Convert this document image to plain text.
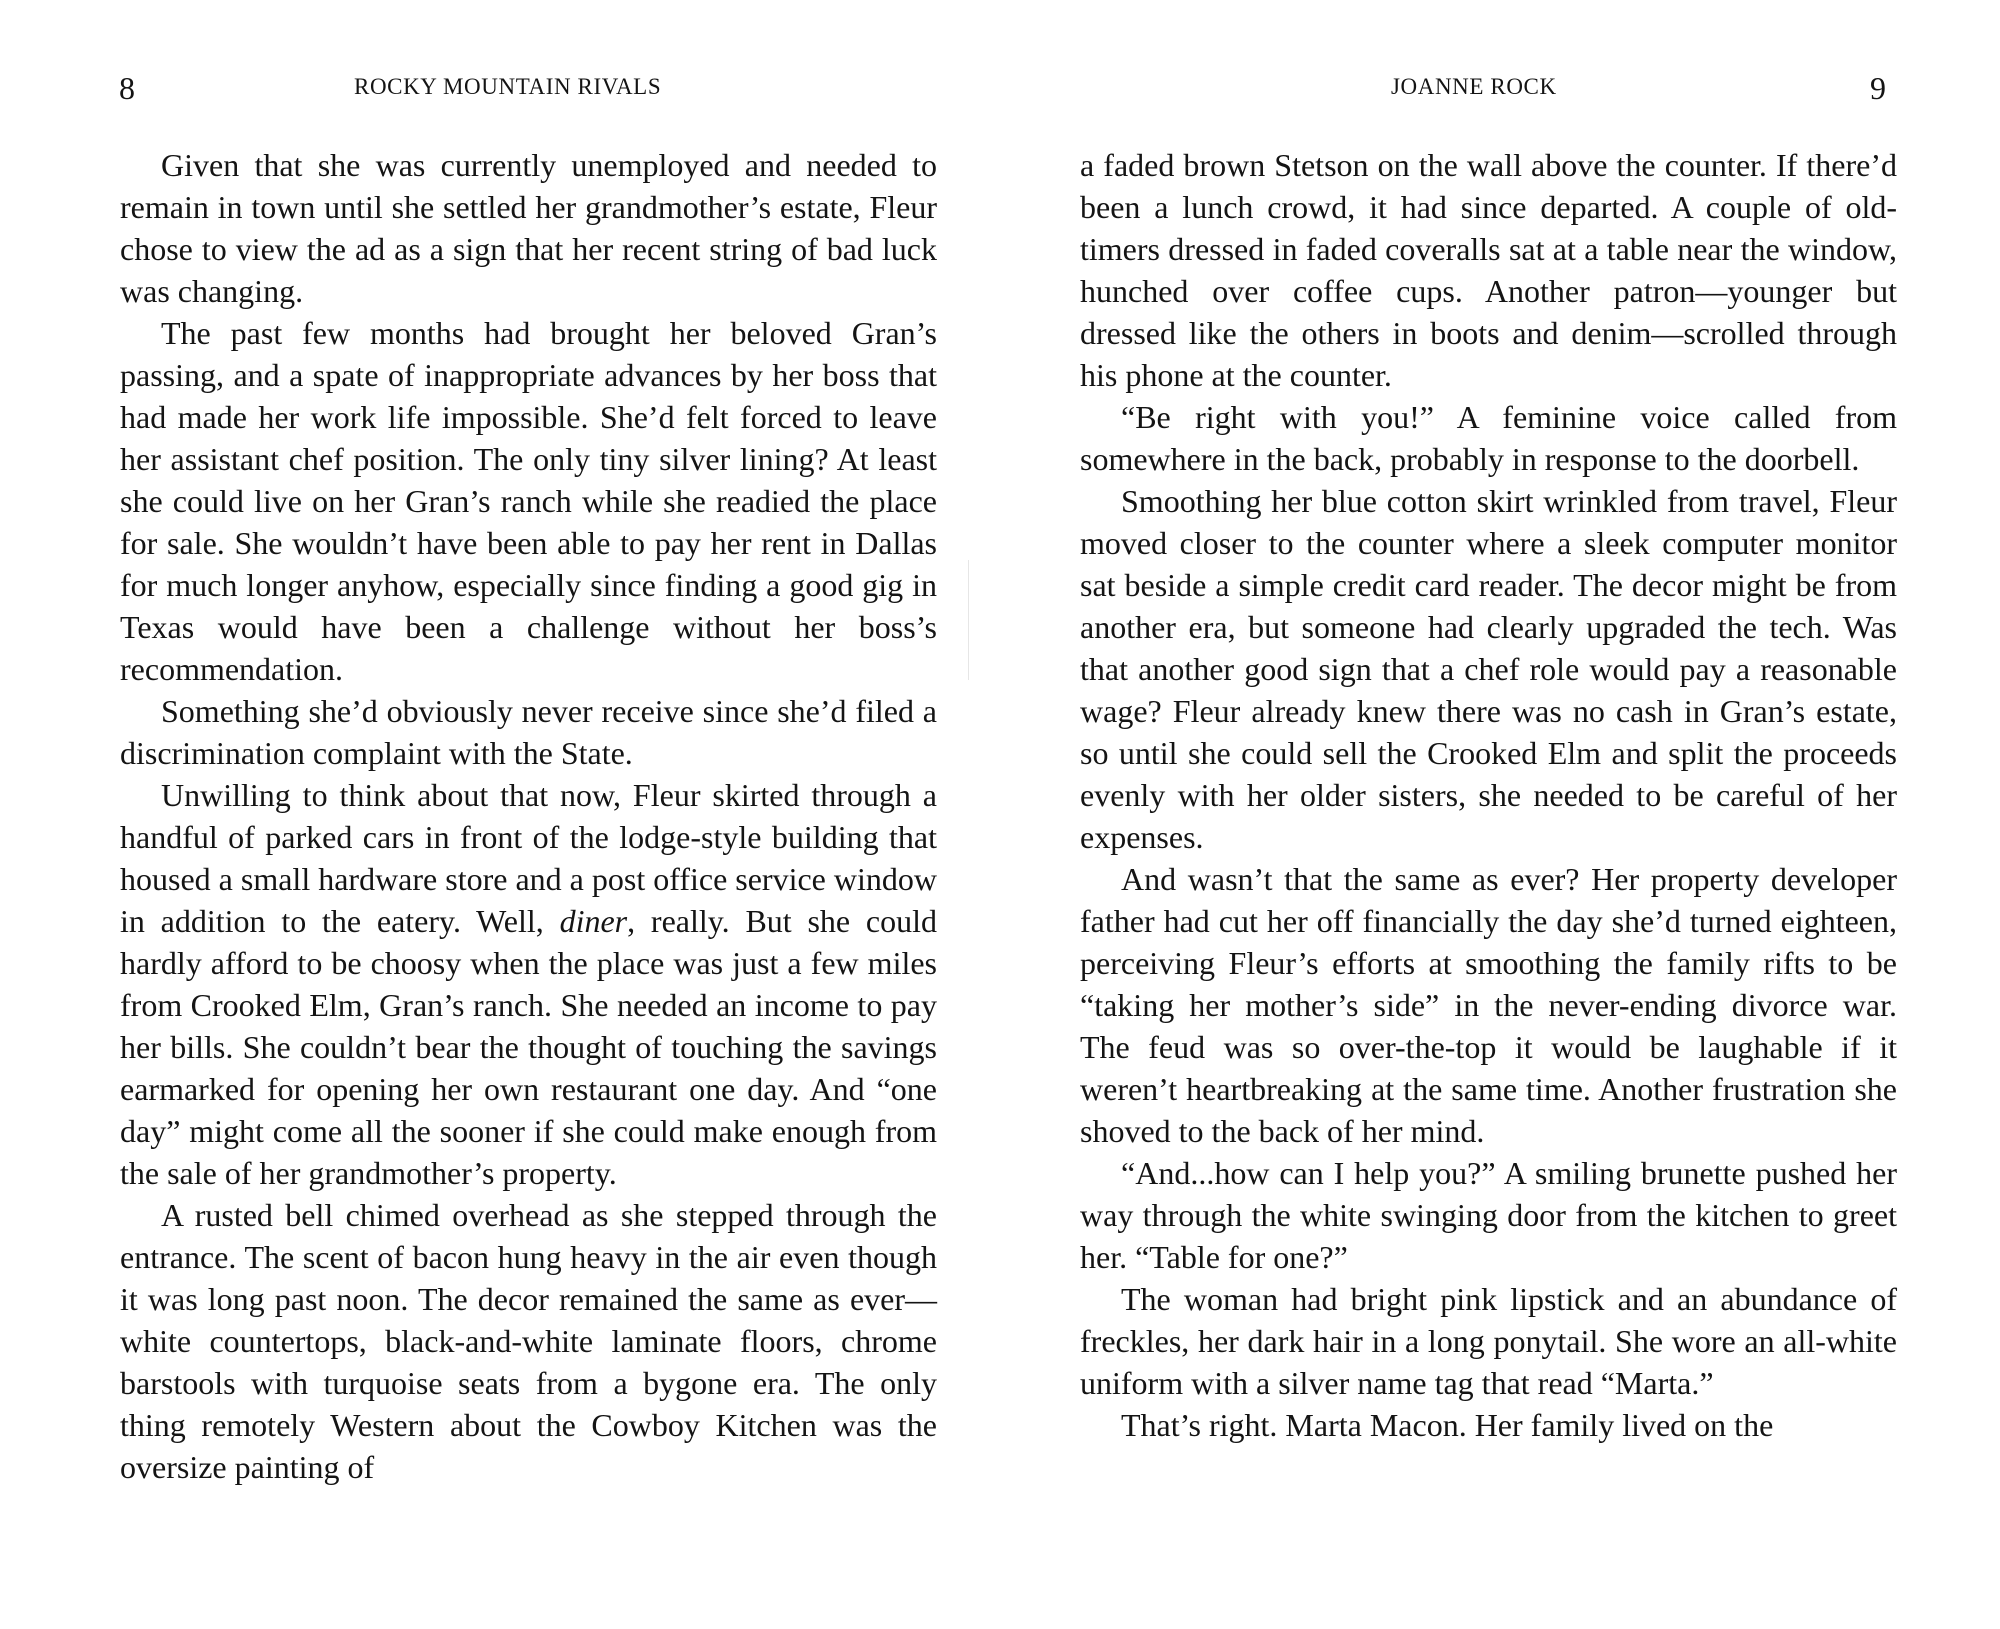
8	ROCKY MOUNTAIN RIVALS

Given that she was currently unemployed and needed to remain in town until she settled her grandmother’s estate, Fleur chose to view the ad as a sign that her recent string of bad luck was changing.

The past few months had brought her beloved Gran’s passing, and a spate of inappropriate advances by her boss that had made her work life impossible. She’d felt forced to leave her assistant chef position. The only tiny silver lining? At least she could live on her Gran’s ranch while she readied the place for sale. She wouldn’t have been able to pay her rent in Dallas for much longer anyhow, especially since finding a good gig in Texas would have been a challenge without her boss’s recommendation.

Something she’d obviously never receive since she’d filed a discrimination complaint with the State.

Unwilling to think about that now, Fleur skirted through a handful of parked cars in front of the lodge-style building that housed a small hardware store and a post office service window in addition to the eatery. Well, diner, really. But she could hardly afford to be choosy when the place was just a few miles from Crooked Elm, Gran’s ranch. She needed an income to pay her bills. She couldn’t bear the thought of touching the savings earmarked for opening her own restaurant one day. And “one day” might come all the sooner if she could make enough from the sale of her grandmother’s property.

A rusted bell chimed overhead as she stepped through the entrance. The scent of bacon hung heavy in the air even though it was long past noon. The decor remained the same as ever—white countertops, black-and-white laminate floors, chrome barstools with turquoise seats from a bygone era. The only thing remotely Western about the Cowboy Kitchen was the oversize painting of

JOANNE ROCK	9

a faded brown Stetson on the wall above the counter. If there’d been a lunch crowd, it had since departed. A couple of old-timers dressed in faded coveralls sat at a table near the window, hunched over coffee cups. Another patron—younger but dressed like the others in boots and denim—scrolled through his phone at the counter.

“Be right with you!” A feminine voice called from somewhere in the back, probably in response to the doorbell.

Smoothing her blue cotton skirt wrinkled from travel, Fleur moved closer to the counter where a sleek computer monitor sat beside a simple credit card reader. The decor might be from another era, but someone had clearly upgraded the tech. Was that another good sign that a chef role would pay a reasonable wage? Fleur already knew there was no cash in Gran’s estate, so until she could sell the Crooked Elm and split the proceeds evenly with her older sisters, she needed to be careful of her expenses.

And wasn’t that the same as ever? Her property developer father had cut her off financially the day she’d turned eighteen, perceiving Fleur’s efforts at smoothing the family rifts to be “taking her mother’s side” in the never-ending divorce war. The feud was so over-the-top it would be laughable if it weren’t heartbreaking at the same time. Another frustration she shoved to the back of her mind.

“And...how can I help you?” A smiling brunette pushed her way through the white swinging door from the kitchen to greet her. “Table for one?”

The woman had bright pink lipstick and an abundance of freckles, her dark hair in a long ponytail. She wore an all-white uniform with a silver name tag that read “Marta.”

That’s right. Marta Macon. Her family lived on the
